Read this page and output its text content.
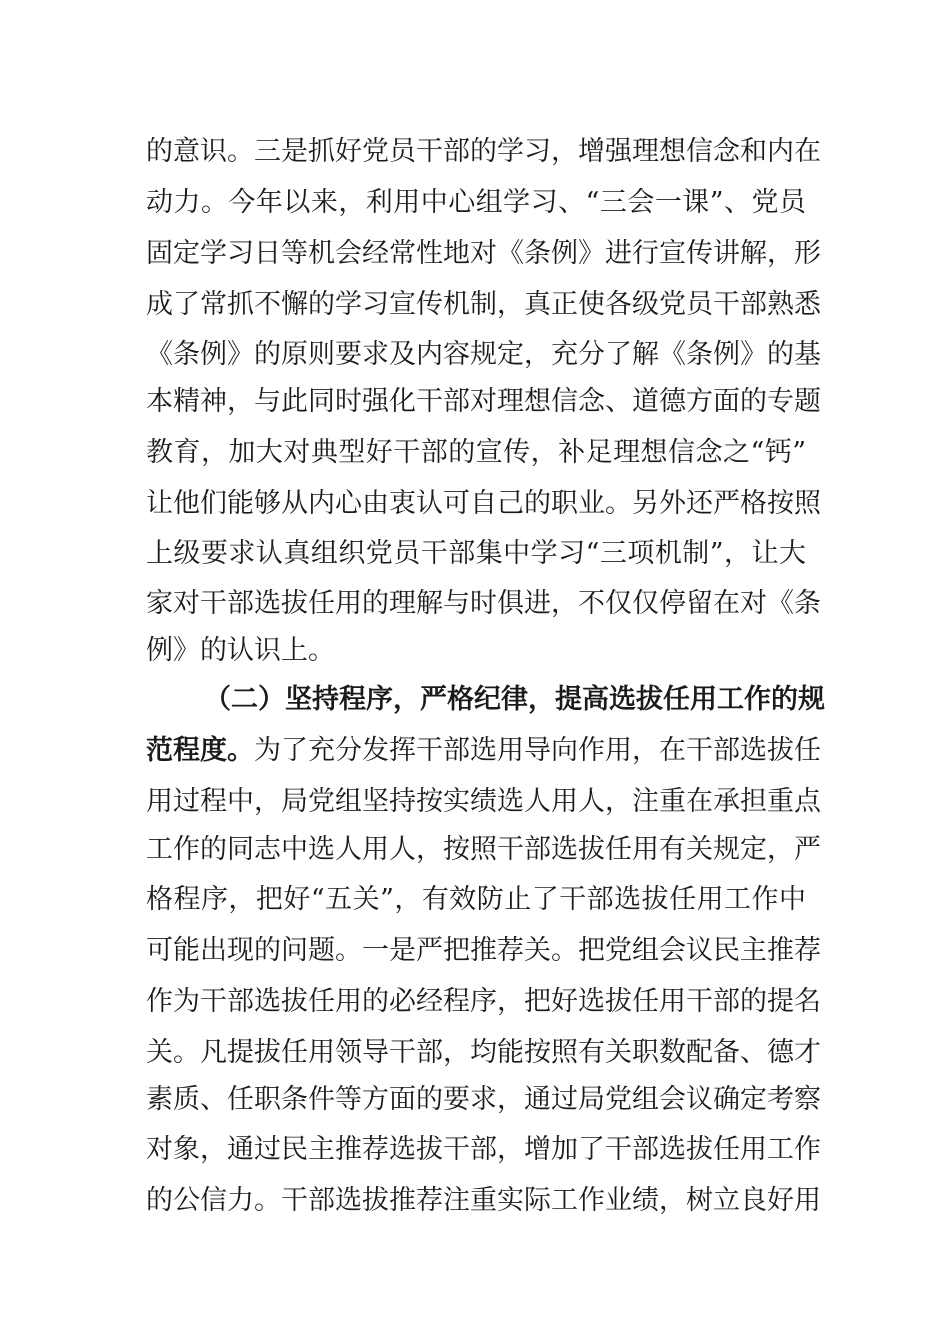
的意识。三是抓好党员干部的学习，增强理想信念和内在
动力。今年以来，利用中心组学习、“三会一课”、党员
固定学习日等机会经常性地对《条例》进行宣传讲解，形
成了常抓不懈的学习宣传机制，真正使各级党员干部熟悉
《条例》的原则要求及内容规定，充分了解《条例》的基
本精神，与此同时强化干部对理想信念、道德方面的专题
教育，加大对典型好干部的宣传，补足理想信念之“钙”
让他们能够从内心由衷认可自己的职业。另外还严格按照
上级要求认真组织党员干部集中学习“三项机制”，让大
家对干部选拔任用的理解与时俱进，不仅仅停留在对《条
例》的认识上。
（二）坚持程序，严格纪律，提高选拔任用工作的规
范程度。为了充分发挥干部选用导向作用，在干部选拔任
用过程中，局党组坚持按实绩选人用人，注重在承担重点
工作的同志中选人用人，按照干部选拔任用有关规定，严
格程序，把好“五关”，有效防止了干部选拔任用工作中
可能出现的问题。一是严把推荐关。把党组会议民主推荐
作为干部选拔任用的必经程序，把好选拔任用干部的提名
关。凡提拔任用领导干部，均能按照有关职数配备、德才
素质、任职条件等方面的要求，通过局党组会议确定考察
对象，通过民主推荐选拔干部，增加了干部选拔任用工作
的公信力。干部选拔推荐注重实际工作业绩，树立良好用
